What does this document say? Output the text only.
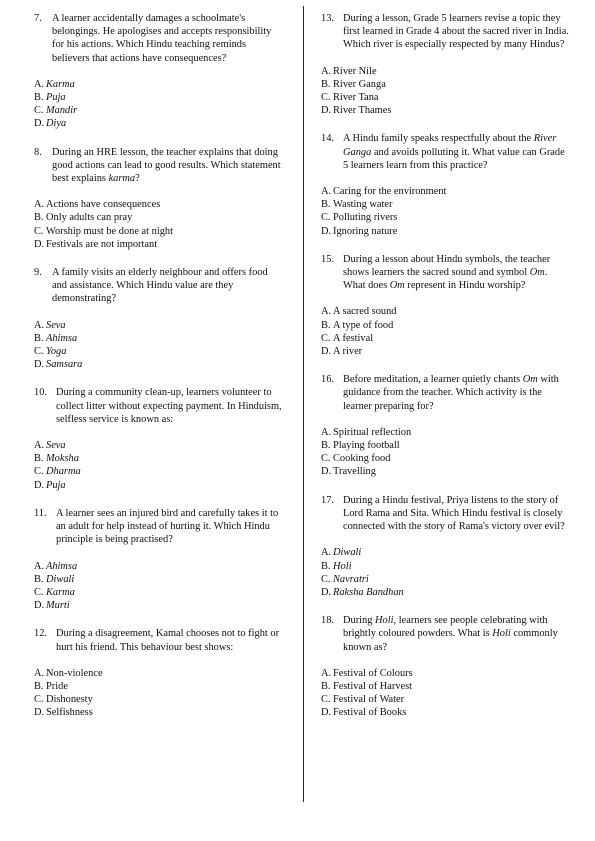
7. A learner accidentally damages a schoolmate's belongings. He apologises and accepts responsibility for his actions. Which Hindu teaching reminds believers that actions have consequences?
A. Karma
B. Puja
C. Mandir
D. Diya
8. During an HRE lesson, the teacher explains that doing good actions can lead to good results. Which statement best explains karma?
A. Actions have consequences
B. Only adults can pray
C. Worship must be done at night
D. Festivals are not important
9. A family visits an elderly neighbour and offers food and assistance. Which Hindu value are they demonstrating?
A. Seva
B. Ahimsa
C. Yoga
D. Samsara
10. During a community clean-up, learners volunteer to collect litter without expecting payment. In Hinduism, selfless service is known as:
A. Seva
B. Moksha
C. Dharma
D. Puja
11. A learner sees an injured bird and carefully takes it to an adult for help instead of hurting it. Which Hindu principle is being practised?
A. Ahimsa
B. Diwali
C. Karma
D. Murti
12. During a disagreement, Kamal chooses not to fight or hurt his friend. This behaviour best shows:
A. Non-violence
B. Pride
C. Dishonesty
D. Selfishness
13. During a lesson, Grade 5 learners revise a topic they first learned in Grade 4 about the sacred river in India. Which river is especially respected by many Hindus?
A. River Nile
B. River Ganga
C. River Tana
D. River Thames
14. A Hindu family speaks respectfully about the River Ganga and avoids polluting it. What value can Grade 5 learners learn from this practice?
A. Caring for the environment
B. Wasting water
C. Polluting rivers
D. Ignoring nature
15. During a lesson about Hindu symbols, the teacher shows learners the sacred sound and symbol Om. What does Om represent in Hindu worship?
A. A sacred sound
B. A type of food
C. A festival
D. A river
16. Before meditation, a learner quietly chants Om with guidance from the teacher. Which activity is the learner preparing for?
A. Spiritual reflection
B. Playing football
C. Cooking food
D. Travelling
17. During a Hindu festival, Priya listens to the story of Lord Rama and Sita. Which Hindu festival is closely connected with the story of Rama's victory over evil?
A. Diwali
B. Holi
C. Navratri
D. Raksha Bandhan
18. During Holi, learners see people celebrating with brightly coloured powders. What is Holi commonly known as?
A. Festival of Colours
B. Festival of Harvest
C. Festival of Water
D. Festival of Books
